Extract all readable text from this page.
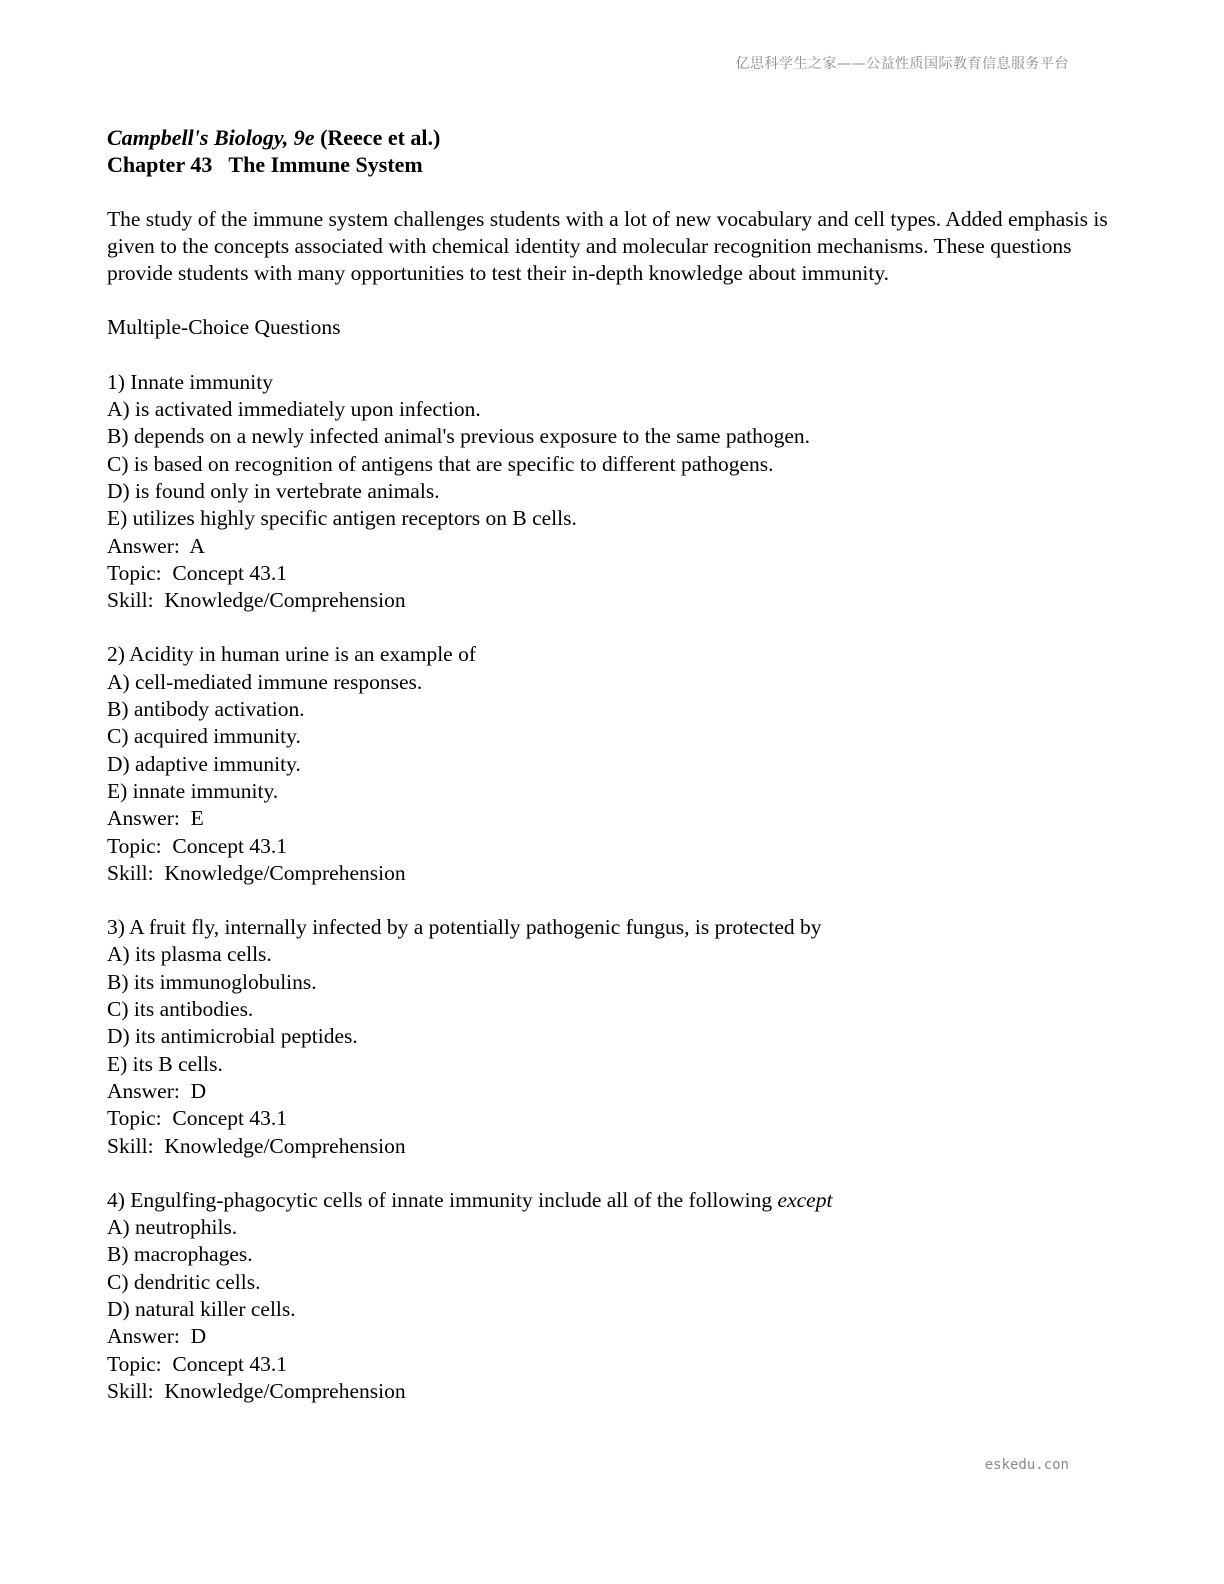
亿思科学生之家——公益性质国际教育信息服务平台
Campbell's Biology, 9e (Reece et al.)
Chapter 43   The Immune System
The study of the immune system challenges students with a lot of new vocabulary and cell types. Added emphasis is given to the concepts associated with chemical identity and molecular recognition mechanisms. These questions provide students with many opportunities to test their in-depth knowledge about immunity.
Multiple-Choice Questions
1) Innate immunity
A) is activated immediately upon infection.
B) depends on a newly infected animal's previous exposure to the same pathogen.
C) is based on recognition of antigens that are specific to different pathogens.
D) is found only in vertebrate animals.
E) utilizes highly specific antigen receptors on B cells.
Answer:  A
Topic:  Concept 43.1
Skill:  Knowledge/Comprehension
2) Acidity in human urine is an example of
A) cell-mediated immune responses.
B) antibody activation.
C) acquired immunity.
D) adaptive immunity.
E) innate immunity.
Answer:  E
Topic:  Concept 43.1
Skill:  Knowledge/Comprehension
3) A fruit fly, internally infected by a potentially pathogenic fungus, is protected by
A) its plasma cells.
B) its immunoglobulins.
C) its antibodies.
D) its antimicrobial peptides.
E) its B cells.
Answer:  D
Topic:  Concept 43.1
Skill:  Knowledge/Comprehension
4) Engulfing-phagocytic cells of innate immunity include all of the following except
A) neutrophils.
B) macrophages.
C) dendritic cells.
D) natural killer cells.
Answer:  D
Topic:  Concept 43.1
Skill:  Knowledge/Comprehension
eskedu.con
